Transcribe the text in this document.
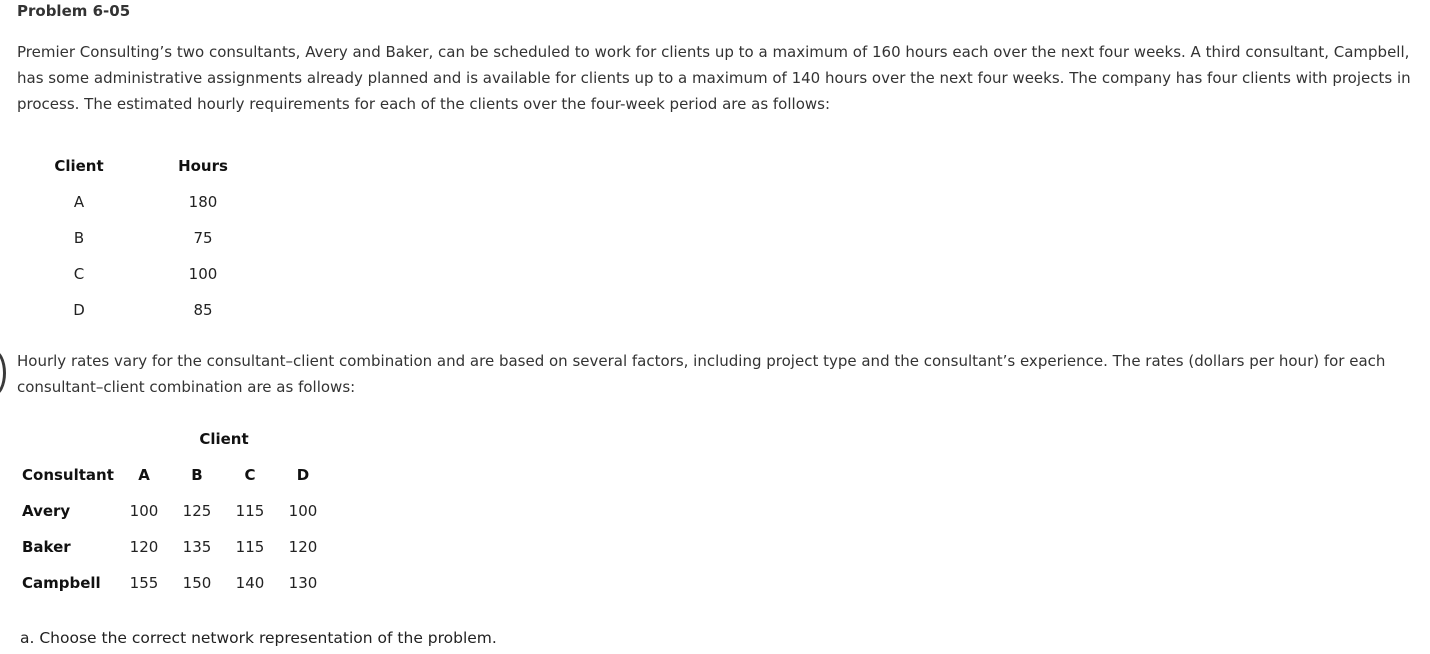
Problem 6-05

Premier Consulting’s two consultants, Avery and Baker, can be scheduled to work for clients up to a maximum of 160 hours each over the next four weeks. A third consultant, Campbell, has some administrative assignments already planned and is available for clients up to a maximum of 140 hours over the next four weeks. The company has four clients with projects in process. The estimated hourly requirements for each of the clients over the four-week period are as follows:

Client	Hours
A	180
B	75
C	100
D	85

Hourly rates vary for the consultant–client combination and are based on several factors, including project type and the consultant’s experience. The rates (dollars per hour) for each consultant–client combination are as follows:

Client
Consultant	A	B	C	D
Avery	100	125	115	100
Baker	120	135	115	120
Campbell	155	150	140	130

a. Choose the correct network representation of the problem.
